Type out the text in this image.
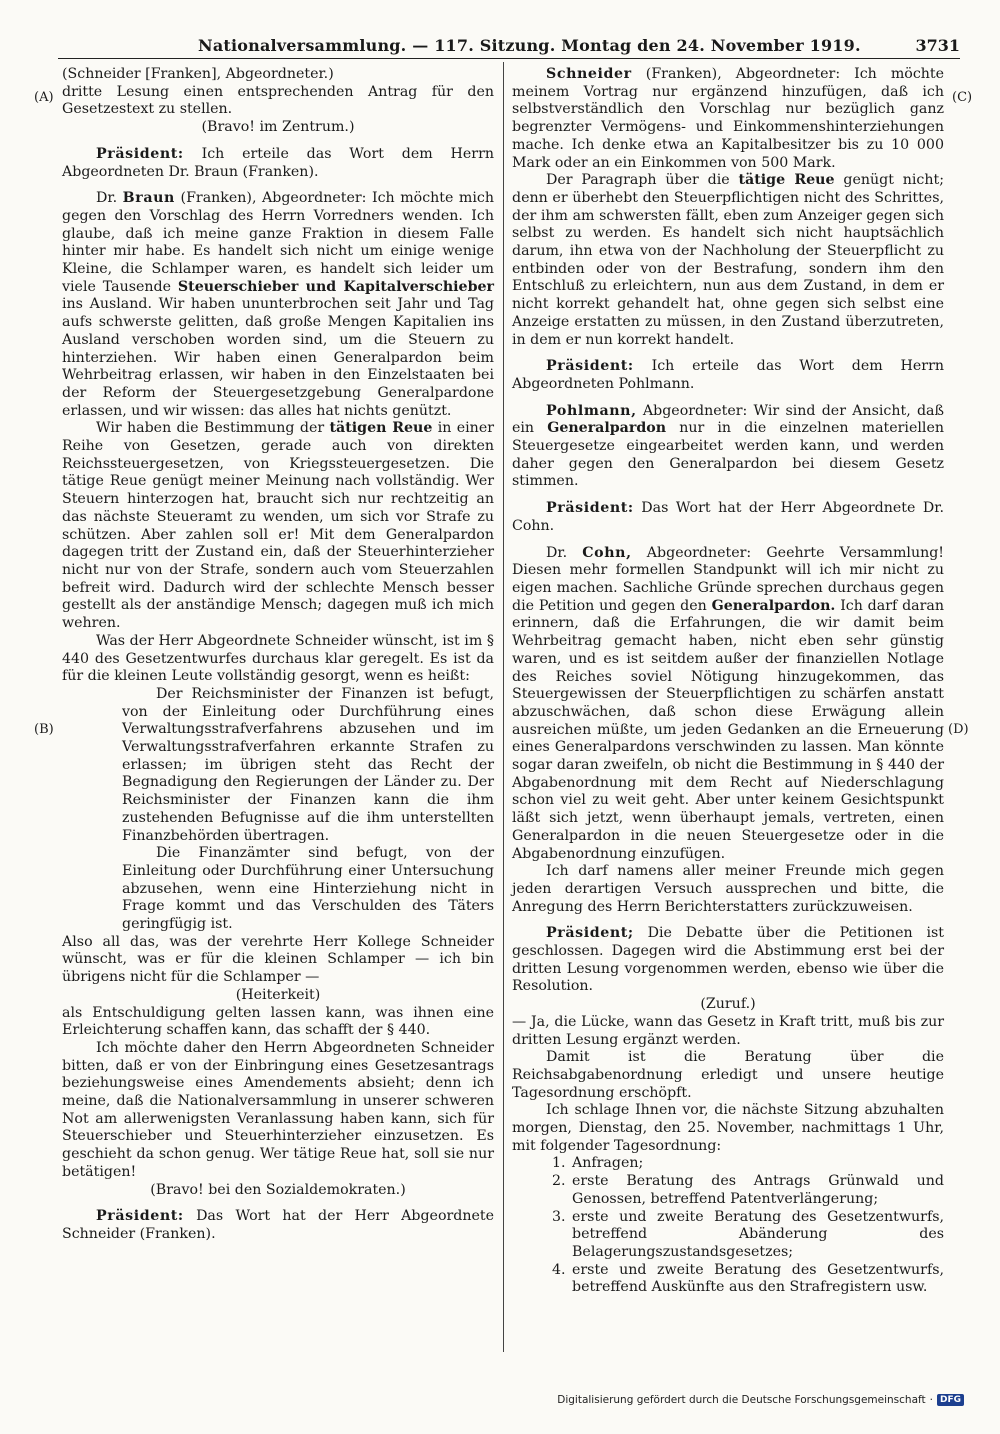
Nationalversammlung. — 117. Sitzung. Montag den 24. November 1919.	3731
(A)
(B)
(C)
(D)

(Schneider [Franken], Abgeordneter.)

dritte Lesung einen entsprechenden Antrag für den Gesetzestext zu stellen.

(Bravo! im Zentrum.)

Präsident: Ich erteile das Wort dem Herrn Abgeordneten Dr. Braun (Franken).

Dr. Braun (Franken), Abgeordneter: Ich möchte mich gegen den Vorschlag des Herrn Vorredners wenden. Ich glaube, daß ich meine ganze Fraktion in diesem Falle hinter mir habe. Es handelt sich nicht um einige wenige Kleine, die Schlamper waren, es handelt sich leider um viele Tausende Steuerschieber und Kapitalverschieber ins Ausland. Wir haben ununterbrochen seit Jahr und Tag aufs schwerste gelitten, daß große Mengen Kapitalien ins Ausland verschoben worden sind, um die Steuern zu hinterziehen. Wir haben einen Generalpardon beim Wehrbeitrag erlassen, wir haben in den Einzelstaaten bei der Reform der Steuergesetzgebung Generalpardone erlassen, und wir wissen: das alles hat nichts genützt.

Wir haben die Bestimmung der tätigen Reue in einer Reihe von Gesetzen, gerade auch von direkten Reichssteuergesetzen, von Kriegssteuergesetzen. Die tätige Reue genügt meiner Meinung nach vollständig. Wer Steuern hinterzogen hat, braucht sich nur rechtzeitig an das nächste Steueramt zu wenden, um sich vor Strafe zu schützen. Aber zahlen soll er! Mit dem Generalpardon dagegen tritt der Zustand ein, daß der Steuerhinterzieher nicht nur von der Strafe, sondern auch vom Steuerzahlen befreit wird. Dadurch wird der schlechte Mensch besser gestellt als der anständige Mensch; dagegen muß ich mich wehren.

Was der Herr Abgeordnete Schneider wünscht, ist im § 440 des Gesetzentwurfes durchaus klar geregelt. Es ist da für die kleinen Leute vollständig gesorgt, wenn es heißt:

Der Reichsminister der Finanzen ist befugt, von der Einleitung oder Durchführung eines Verwaltungsstrafverfahrens abzusehen und im Verwaltungsstrafverfahren erkannte Strafen zu erlassen; im übrigen steht das Recht der Begnadigung den Regierungen der Länder zu. Der Reichsminister der Finanzen kann die ihm zustehenden Befugnisse auf die ihm unterstellten Finanzbehörden übertragen.

Die Finanzämter sind befugt, von der Einleitung oder Durchführung einer Untersuchung abzusehen, wenn eine Hinterziehung nicht in Frage kommt und das Verschulden des Täters geringfügig ist.

Also all das, was der verehrte Herr Kollege Schneider wünscht, was er für die kleinen Schlamper — ich bin übrigens nicht für die Schlamper —

(Heiterkeit)

als Entschuldigung gelten lassen kann, was ihnen eine Erleichterung schaffen kann, das schafft der § 440.

Ich möchte daher den Herrn Abgeordneten Schneider bitten, daß er von der Einbringung eines Gesetzesantrags beziehungsweise eines Amendements absieht; denn ich meine, daß die Nationalversammlung in unserer schweren Not am allerwenigsten Veranlassung haben kann, sich für Steuerschieber und Steuerhinterzieher einzusetzen. Es geschieht da schon genug. Wer tätige Reue hat, soll sie nur betätigen!

(Bravo! bei den Sozialdemokraten.)

Präsident: Das Wort hat der Herr Abgeordnete Schneider (Franken).

Schneider (Franken), Abgeordneter: Ich möchte meinem Vortrag nur ergänzend hinzufügen, daß ich selbstverständlich den Vorschlag nur bezüglich ganz begrenzter Vermögens- und Einkommenshinterziehungen mache. Ich denke etwa an Kapitalbesitzer bis zu 10 000 Mark oder an ein Einkommen von 500 Mark.

Der Paragraph über die tätige Reue genügt nicht; denn er überhebt den Steuerpflichtigen nicht des Schrittes, der ihm am schwersten fällt, eben zum Anzeiger gegen sich selbst zu werden. Es handelt sich nicht hauptsächlich darum, ihn etwa von der Nachholung der Steuerpflicht zu entbinden oder von der Bestrafung, sondern ihm den Entschluß zu erleichtern, nun aus dem Zustand, in dem er nicht korrekt gehandelt hat, ohne gegen sich selbst eine Anzeige erstatten zu müssen, in den Zustand überzutreten, in dem er nun korrekt handelt.

Präsident: Ich erteile das Wort dem Herrn Abgeordneten Pohlmann.

Pohlmann, Abgeordneter: Wir sind der Ansicht, daß ein Generalpardon nur in die einzelnen materiellen Steuergesetze eingearbeitet werden kann, und werden daher gegen den Generalpardon bei diesem Gesetz stimmen.

Präsident: Das Wort hat der Herr Abgeordnete Dr. Cohn.

Dr. Cohn, Abgeordneter: Geehrte Versammlung! Diesen mehr formellen Standpunkt will ich mir nicht zu eigen machen. Sachliche Gründe sprechen durchaus gegen die Petition und gegen den Generalpardon. Ich darf daran erinnern, daß die Erfahrungen, die wir damit beim Wehrbeitrag gemacht haben, nicht eben sehr günstig waren, und es ist seitdem außer der finanziellen Notlage des Reiches soviel Nötigung hinzugekommen, das Steuergewissen der Steuerpflichtigen zu schärfen anstatt abzuschwächen, daß schon diese Erwägung allein ausreichen müßte, um jeden Gedanken an die Erneuerung eines Generalpardons verschwinden zu lassen. Man könnte sogar daran zweifeln, ob nicht die Bestimmung in § 440 der Abgabenordnung mit dem Recht auf Niederschlagung schon viel zu weit geht. Aber unter keinem Gesichtspunkt läßt sich jetzt, wenn überhaupt jemals, vertreten, einen Generalpardon in die neuen Steuergesetze oder in die Abgabenordnung einzufügen.

Ich darf namens aller meiner Freunde mich gegen jeden derartigen Versuch aussprechen und bitte, die Anregung des Herrn Berichterstatters zurückzuweisen.

Präsident; Die Debatte über die Petitionen ist geschlossen. Dagegen wird die Abstimmung erst bei der dritten Lesung vorgenommen werden, ebenso wie über die Resolution.

(Zuruf.)

— Ja, die Lücke, wann das Gesetz in Kraft tritt, muß bis zur dritten Lesung ergänzt werden.

Damit ist die Beratung über die Reichsabgabenordnung erledigt und unsere heutige Tagesordnung erschöpft.

Ich schlage Ihnen vor, die nächste Sitzung abzuhalten morgen, Dienstag, den 25. November, nachmittags 1 Uhr, mit folgender Tagesordnung:

1. Anfragen;
2. erste Beratung des Antrags Grünwald und Genossen, betreffend Patentverlängerung;
3. erste und zweite Beratung des Gesetzentwurfs, betreffend Abänderung des Belagerungszustandsgesetzes;
4. erste und zweite Beratung des Gesetzentwurfs, betreffend Auskünfte aus den Strafregistern usw.
Digitalisierung gefördert durch die Deutsche Forschungsgemeinschaft · DFG
